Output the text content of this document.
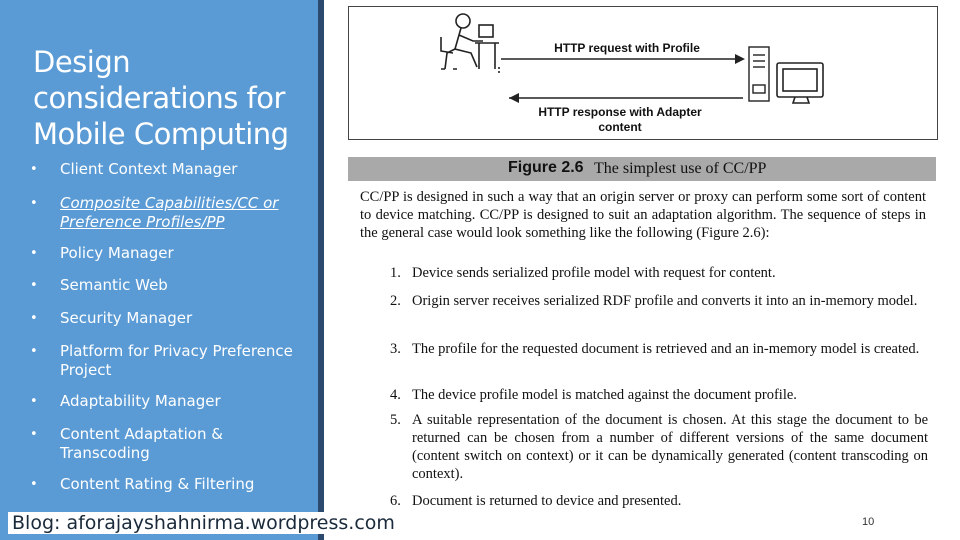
Design considerations for Mobile Computing
• Client Context Manager
• Composite Capabilities/CC or Preference Profiles/PP
• Policy Manager
• Semantic Web
• Security Manager
• Platform for Privacy Preference Project
• Adaptability Manager
• Content Adaptation & Transcoding
• Content Rating & Filtering
HTTP request with Profile
HTTP response with Adapter content
Figure 2.6 The simplest use of CC/PP
CC/PP is designed in such a way that an origin server or proxy can perform some sort of content to device matching. CC/PP is designed to suit an adaptation algorithm. The sequence of steps in the general case would look something like the following (Figure 2.6):
1. Device sends serialized profile model with request for content.
2. Origin server receives serialized RDF profile and converts it into an in-memory model.
3. The profile for the requested document is retrieved and an in-memory model is created.
4. The device profile model is matched against the document profile.
5. A suitable representation of the document is chosen. At this stage the document to be returned can be chosen from a number of different versions of the same document (content switch on context) or it can be dynamically generated (content transcoding on context).
6. Document is returned to device and presented.
Blog: aforajayshahnirma.wordpress.com	10
